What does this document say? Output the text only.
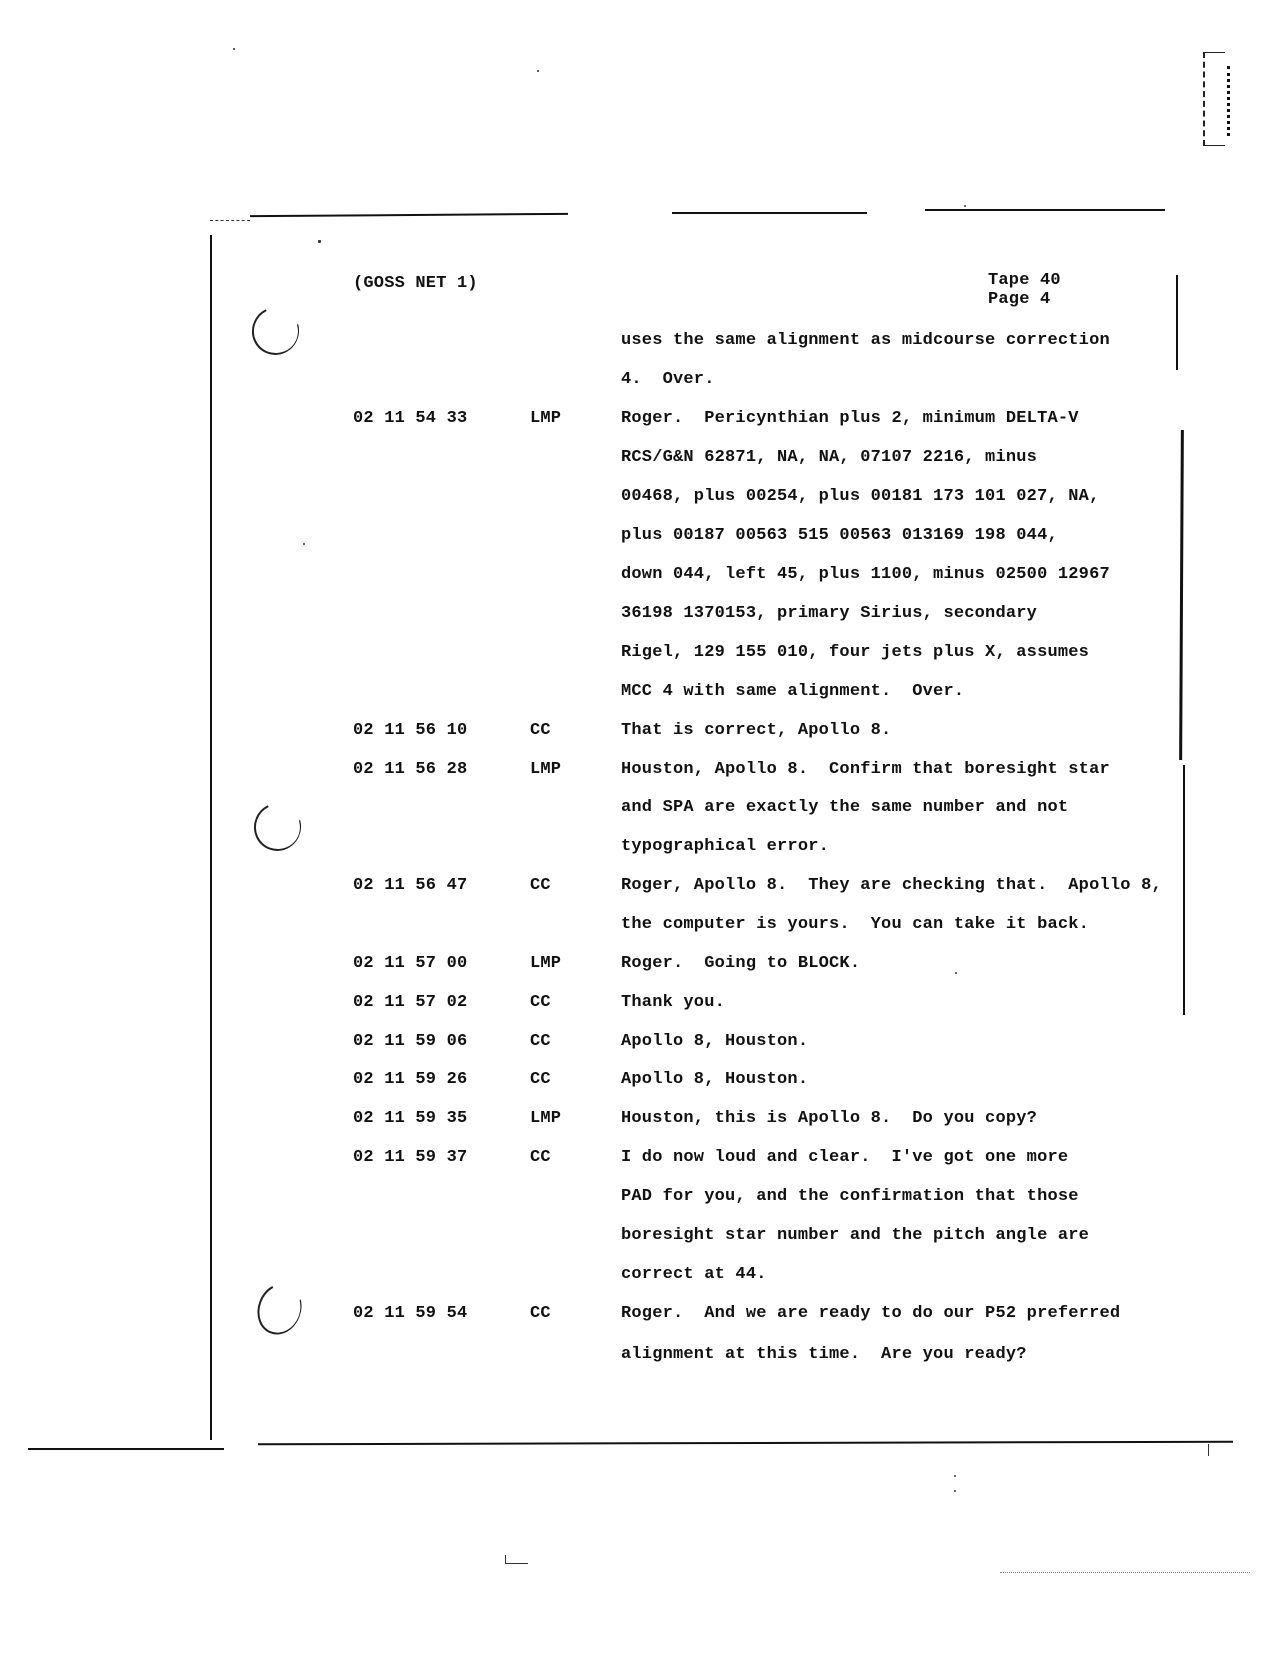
(GOSS NET 1)	Tape 40
Page 4
uses the same alignment as midcourse correction
4.  Over.
02 11 54 33	LMP	Roger.  Pericynthian plus 2, minimum DELTA-V
RCS/G&N 62871, NA, NA, 07107 2216, minus
00468, plus 00254, plus 00181 173 101 027, NA,
plus 00187 00563 515 00563 013169 198 044,
down 044, left 45, plus 1100, minus 02500 12967
36198 1370153, primary Sirius, secondary
Rigel, 129 155 010, four jets plus X, assumes
MCC 4 with same alignment.  Over.
02 11 56 10	CC	That is correct, Apollo 8.
02 11 56 28	LMP	Houston, Apollo 8.  Confirm that boresight star
and SPA are exactly the same number and not
typographical error.
02 11 56 47	CC	Roger, Apollo 8.  They are checking that.  Apollo 8,
the computer is yours.  You can take it back.
02 11 57 00	LMP	Roger.  Going to BLOCK.
02 11 57 02	CC	Thank you.
02 11 59 06	CC	Apollo 8, Houston.
02 11 59 26	CC	Apollo 8, Houston.
02 11 59 35	LMP	Houston, this is Apollo 8.  Do you copy?
02 11 59 37	CC	I do now loud and clear.  I've got one more
PAD for you, and the confirmation that those
boresight star number and the pitch angle are
correct at 44.
02 11 59 54	CC	Roger.  And we are ready to do our P52 preferred
alignment at this time.  Are you ready?
